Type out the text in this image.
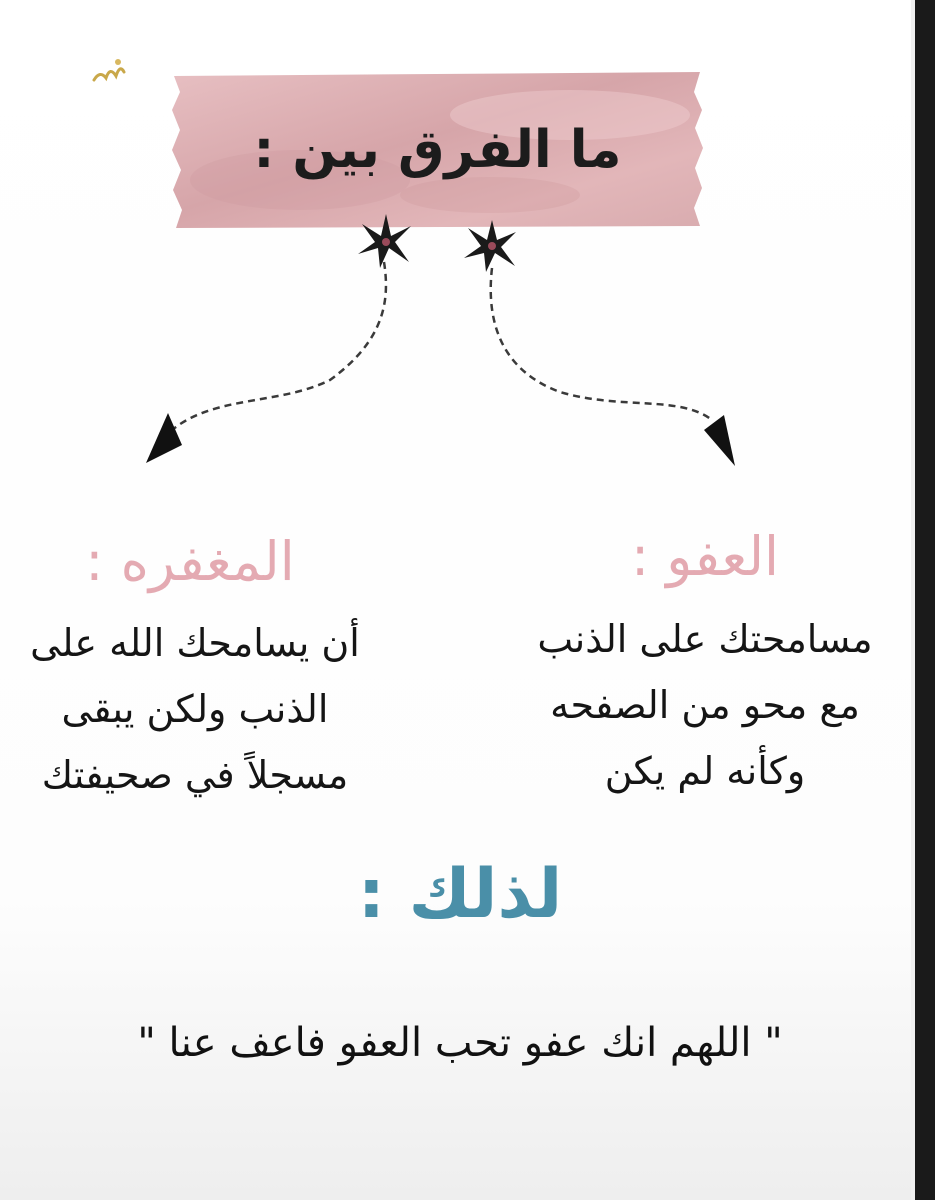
ما الفرق بين :
العفو :
مسامحتك على الذنب
مع محو من الصفحه
وكأنه لم يكن
المغفره :
أن يسامحك الله على
الذنب ولكن يبقى
مسجلاً في صحيفتك
لذلك :
" اللهم انك عفو تحب العفو فاعف عنا "
